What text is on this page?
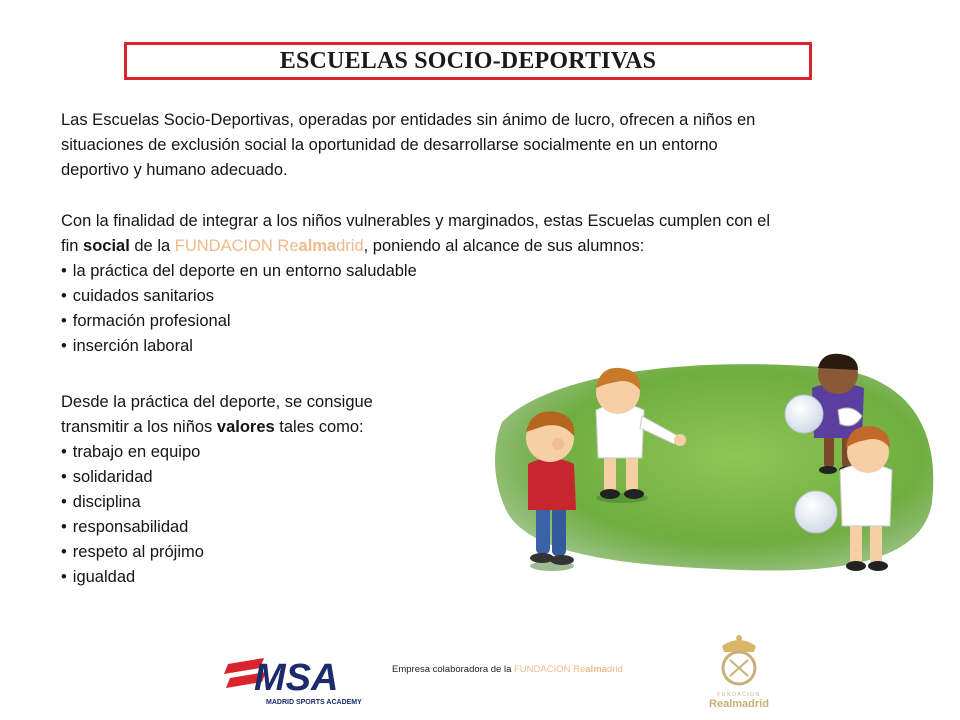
ESCUELAS SOCIO-DEPORTIVAS
Las Escuelas Socio-Deportivas, operadas por entidades sin ánimo de lucro, ofrecen a niños en
situaciones de exclusión social la oportunidad de desarrollarse socialmente en un entorno
deportivo y humano adecuado.
Con la finalidad de integrar a los niños vulnerables y marginados, estas Escuelas cumplen con el
fin social de la FUNDACION Realmadrid, poniendo al alcance de sus alumnos:
• la práctica del deporte en un entorno saludable
• cuidados sanitarios
• formación profesional
• inserción laboral
Desde la práctica del deporte, se consigue
transmitir a los niños valores tales como:
• trabajo en equipo
• solidaridad
• disciplina
• responsabilidad
• respeto al prójimo
• igualdad
MSA
MADRID SPORTS ACADEMY
Empresa colaboradora de la FUNDACION Realmadrid
FUNDACION
Realmadrid
